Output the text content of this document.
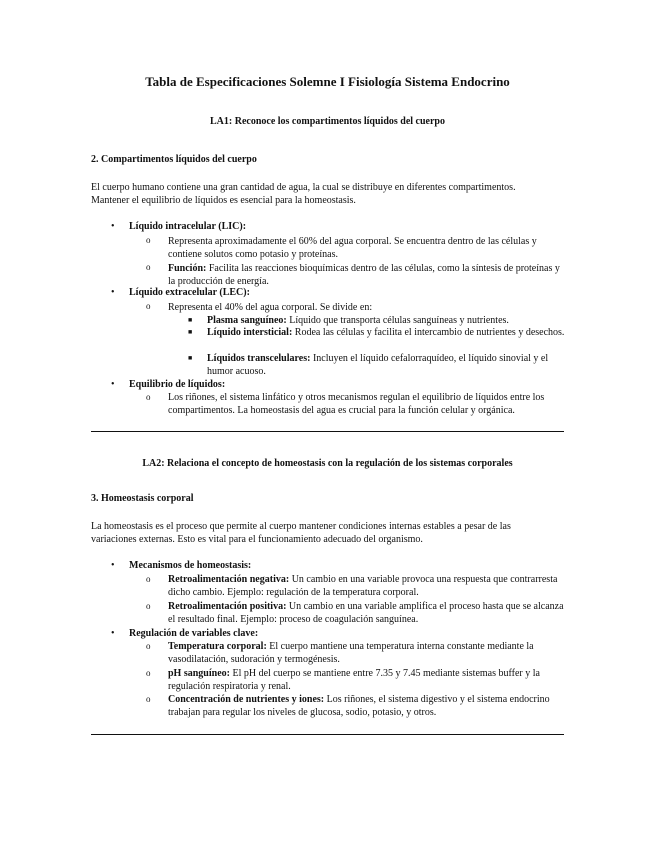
Tabla de Especificaciones Solemne I Fisiología Sistema Endocrino
LA1: Reconoce los compartimentos líquidos del cuerpo
2. Compartimentos líquidos del cuerpo
El cuerpo humano contiene una gran cantidad de agua, la cual se distribuye en diferentes compartimentos.
Mantener el equilibrio de líquidos es esencial para la homeostasis.
• Líquido intracelular (LIC):
o Representa aproximadamente el 60% del agua corporal. Se encuentra dentro de las células y contiene solutos como potasio y proteínas.
o Función: Facilita las reacciones bioquímicas dentro de las células, como la síntesis de proteínas y la producción de energía.
• Líquido extracelular (LEC):
o Representa el 40% del agua corporal. Se divide en:
■ Plasma sanguíneo: Líquido que transporta células sanguíneas y nutrientes.
■ Líquido intersticial: Rodea las células y facilita el intercambio de nutrientes y desechos.
■ Líquidos transcelulares: Incluyen el líquido cefalorraquídeo, el líquido sinovial y el humor acuoso.
• Equilibrio de líquidos:
o Los riñones, el sistema linfático y otros mecanismos regulan el equilibrio de líquidos entre los compartimentos. La homeostasis del agua es crucial para la función celular y orgánica.
LA2: Relaciona el concepto de homeostasis con la regulación de los sistemas corporales
3. Homeostasis corporal
La homeostasis es el proceso que permite al cuerpo mantener condiciones internas estables a pesar de las
variaciones externas. Esto es vital para el funcionamiento adecuado del organismo.
• Mecanismos de homeostasis:
o Retroalimentación negativa: Un cambio en una variable provoca una respuesta que contrarresta dicho cambio. Ejemplo: regulación de la temperatura corporal.
o Retroalimentación positiva: Un cambio en una variable amplifica el proceso hasta que se alcanza el resultado final. Ejemplo: proceso de coagulación sanguínea.
• Regulación de variables clave:
o Temperatura corporal: El cuerpo mantiene una temperatura interna constante mediante la vasodilatación, sudoración y termogénesis.
o pH sanguíneo: El pH del cuerpo se mantiene entre 7.35 y 7.45 mediante sistemas buffer y la regulación respiratoria y renal.
o Concentración de nutrientes y iones: Los riñones, el sistema digestivo y el sistema endocrino trabajan para regular los niveles de glucosa, sodio, potasio, y otros.
